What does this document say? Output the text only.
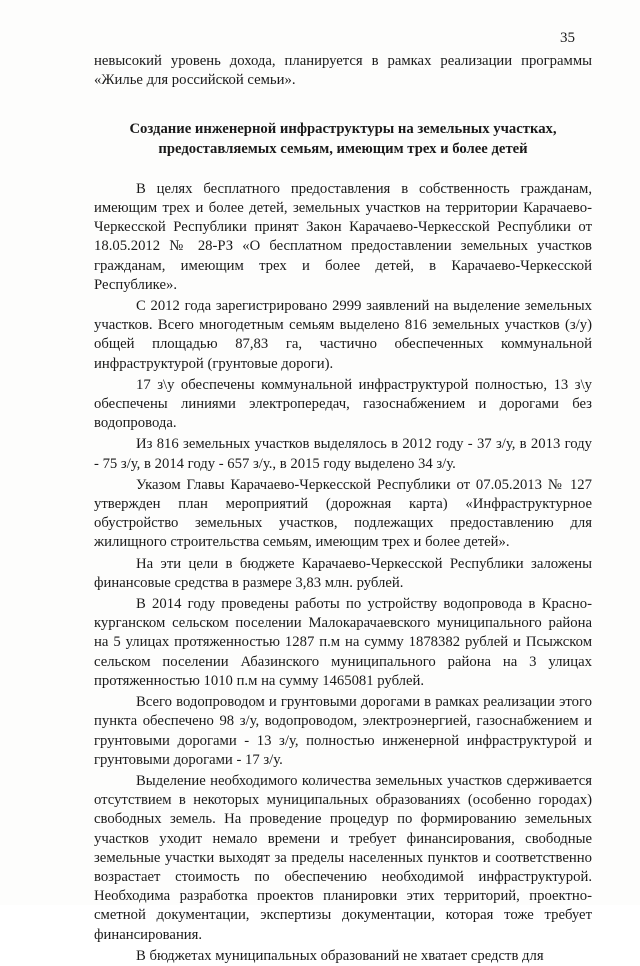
35

невысокий уровень дохода, планируется в рамках реализации программы «Жилье для российской семьи».

Создание инженерной инфраструктуры на земельных участках,
предоставляемых семьям, имеющим трех и более детей

В целях бесплатного предоставления в собственность гражданам, имеющим трех и более детей, земельных участков на территории Карачаево-Черкесской Республики принят Закон Карачаево-Черкесской Республики от 18.05.2012 № 28-РЗ «О бесплатном предоставлении земельных участков гражданам, имеющим трех и более детей, в Карачаево-Черкесской Республике».

С 2012 года зарегистрировано 2999 заявлений на выделение земельных участков. Всего многодетным семьям выделено 816 земельных участков (з/у) общей площадью 87,83 га, частично обеспеченных коммунальной инфраструктурой (грунтовые дороги).

17 з\у обеспечены коммунальной инфраструктурой полностью, 13 з\у обеспечены линиями электропередач, газоснабжением и дорогами без водопровода.

Из 816 земельных участков выделялось в 2012 году - 37 з/у, в 2013 году - 75 з/у, в 2014 году - 657 з/у., в 2015 году выделено 34 з/у.

Указом Главы Карачаево-Черкесской Республики от 07.05.2013 № 127 утвержден план мероприятий (дорожная карта) «Инфраструктурное обустройство земельных участков, подлежащих предоставлению для жилищного строительства семьям, имеющим трех и более детей».

На эти цели в бюджете Карачаево-Черкесской Республики заложены финансовые средства в размере 3,83 млн. рублей.

В 2014 году проведены работы по устройству водопровода в Красно-курганском сельском поселении Малокарачаевского муниципального района на 5 улицах протяженностью 1287 п.м на сумму 1878382 рублей и Псыжском сельском поселении Абазинского муниципального района на 3 улицах протяженностью 1010 п.м на сумму 1465081 рублей.

Всего водопроводом и грунтовыми дорогами в рамках реализации этого пункта обеспечено 98 з/у, водопроводом, электроэнергией, газоснабжением и грунтовыми дорогами - 13 з/у, полностью инженерной инфраструктурой и грунтовыми дорогами - 17 з/у.

Выделение необходимого количества земельных участков сдерживается отсутствием в некоторых муниципальных образованиях (особенно городах) свободных земель. На проведение процедур по формированию земельных участков уходит немало времени и требует финансирования, свободные земельные участки выходят за пределы населенных пунктов и соответственно возрастает стоимость по обеспечению необходимой инфраструктурой. Необходима разработка проектов планировки этих территорий, проектно-сметной документации, экспертизы документации, которая тоже требует финансирования.

В бюджетах муниципальных образований не хватает средств для
